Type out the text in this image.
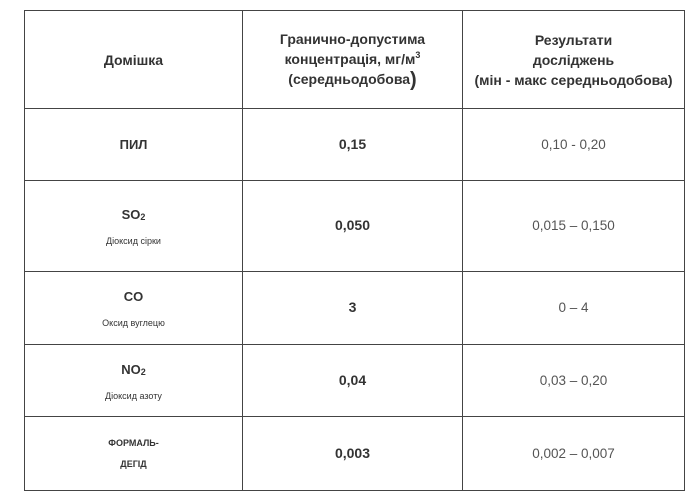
Домішка	Гранично-допустима
концентрація, $мг/м^3$
(середньодобова)	Результати
досліджень
(мін - макс середньодобова)

ПИЛ	0,15	0,10 - 0,20
$SO_2$
Діоксид сірки	0,050	0,015 – 0,150
CO
Оксид вуглецю	3	0 – 4
$NO_2$
Діоксид азоту	0,04	0,03 – 0,20

ФОРМАЛЬ-
ДЕГІД	0,003	0,002 – 0,007
